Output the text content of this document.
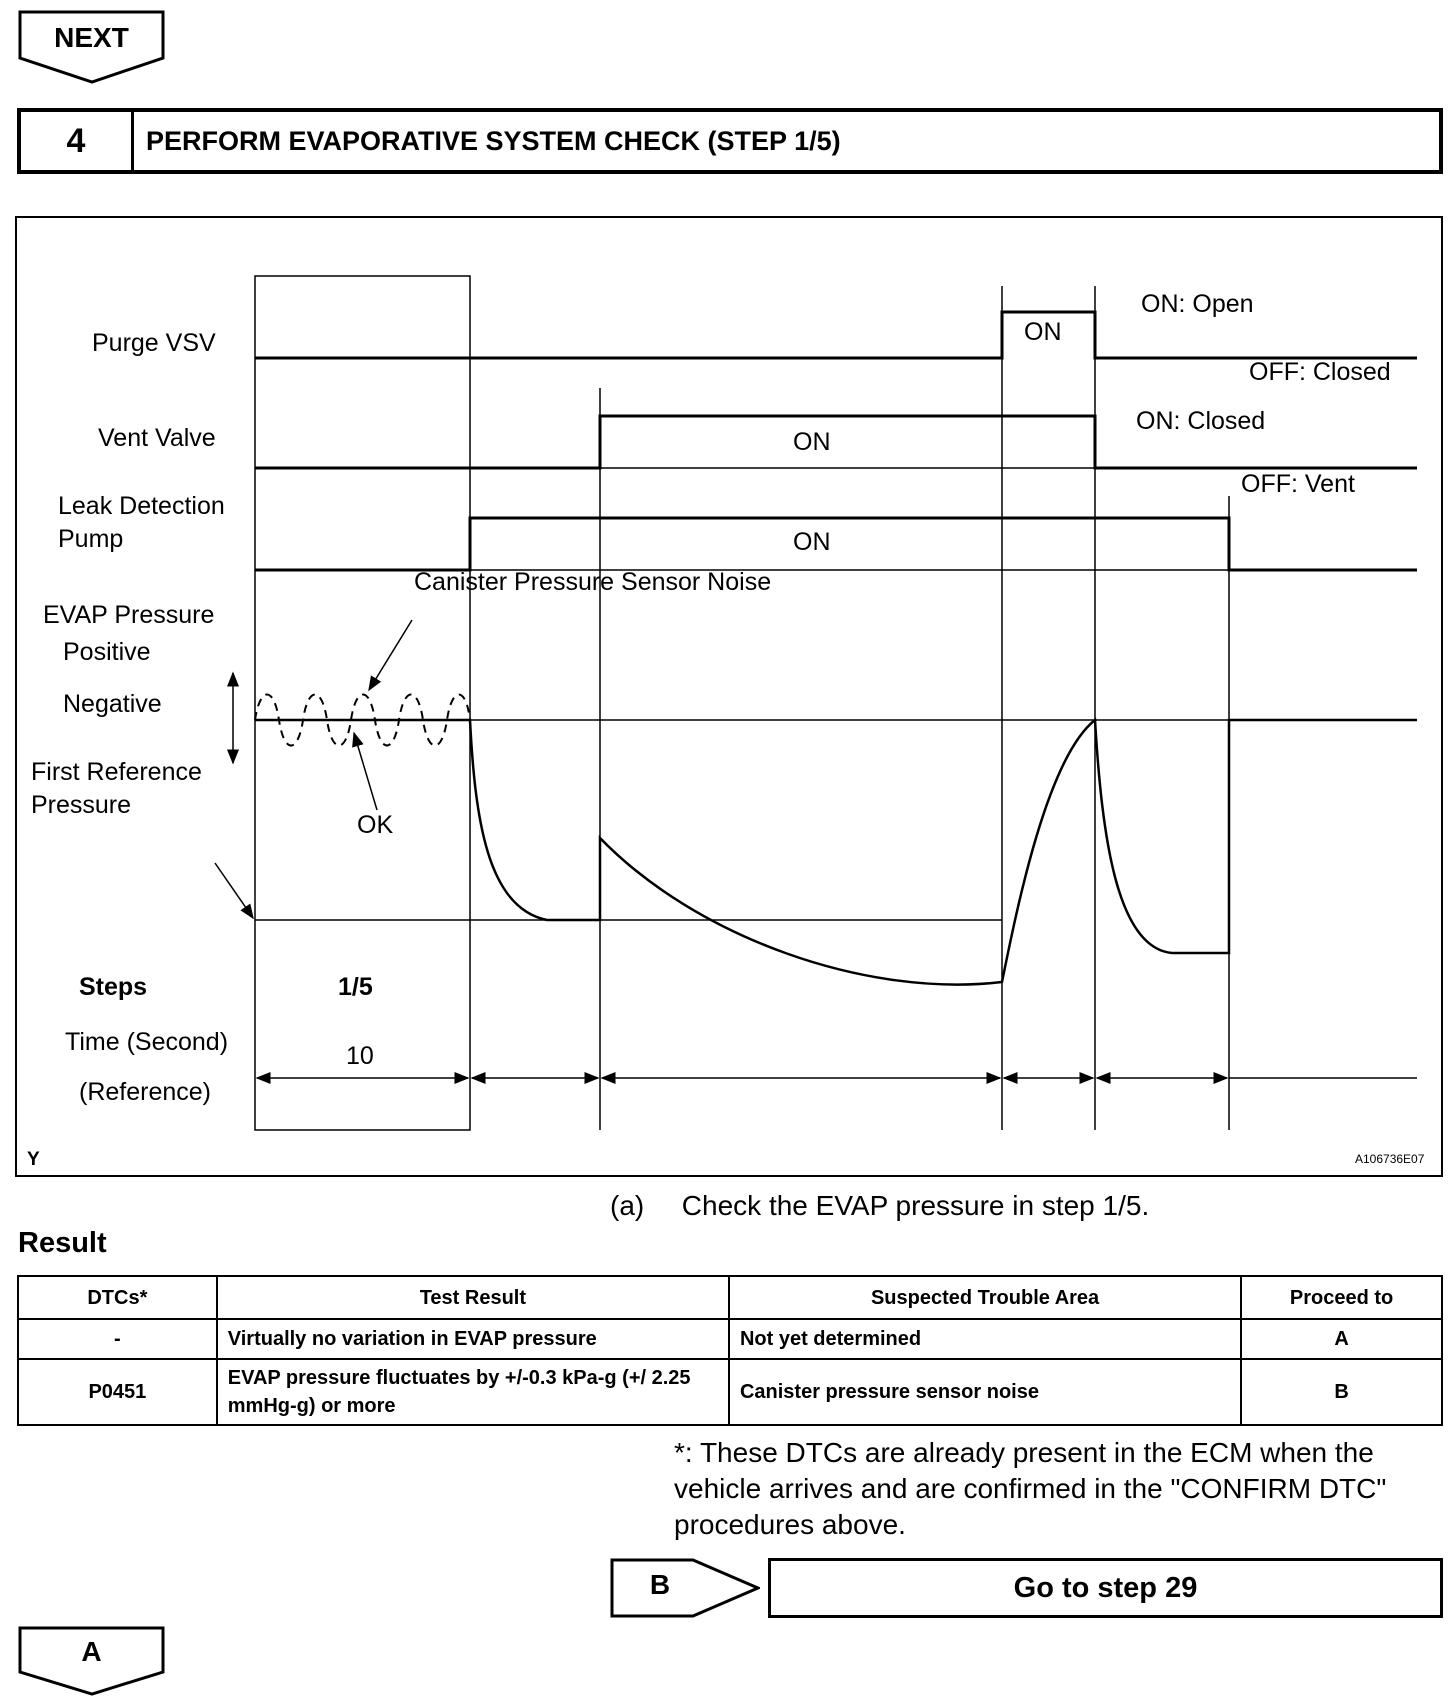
NEXT
4	PERFORM EVAPORATIVE SYSTEM CHECK (STEP 1/5)
Purge VSV
Vent Valve
Leak Detection
Pump
EVAP Pressure
Positive
Negative
First Reference
Pressure
ON
ON
ON
ON: Open
OFF: Closed
ON: Closed
OFF: Vent
Canister Pressure Sensor Noise
OK
Steps	1/5
Time (Second)	10
(Reference)
Y	A106736E07
(a) Check the EVAP pressure in step 1/5.
Result
DTCs*	Test Result	Suspected Trouble Area	Proceed to
-	Virtually no variation in EVAP pressure	Not yet determined	A
P0451	EVAP pressure fluctuates by +/-0.3 kPa-g (+/ 2.25 mmHg-g) or more	Canister pressure sensor noise	B
*: These DTCs are already present in the ECM when the vehicle arrives and are confirmed in the "CONFIRM DTC" procedures above.
B	Go to step 29
A
